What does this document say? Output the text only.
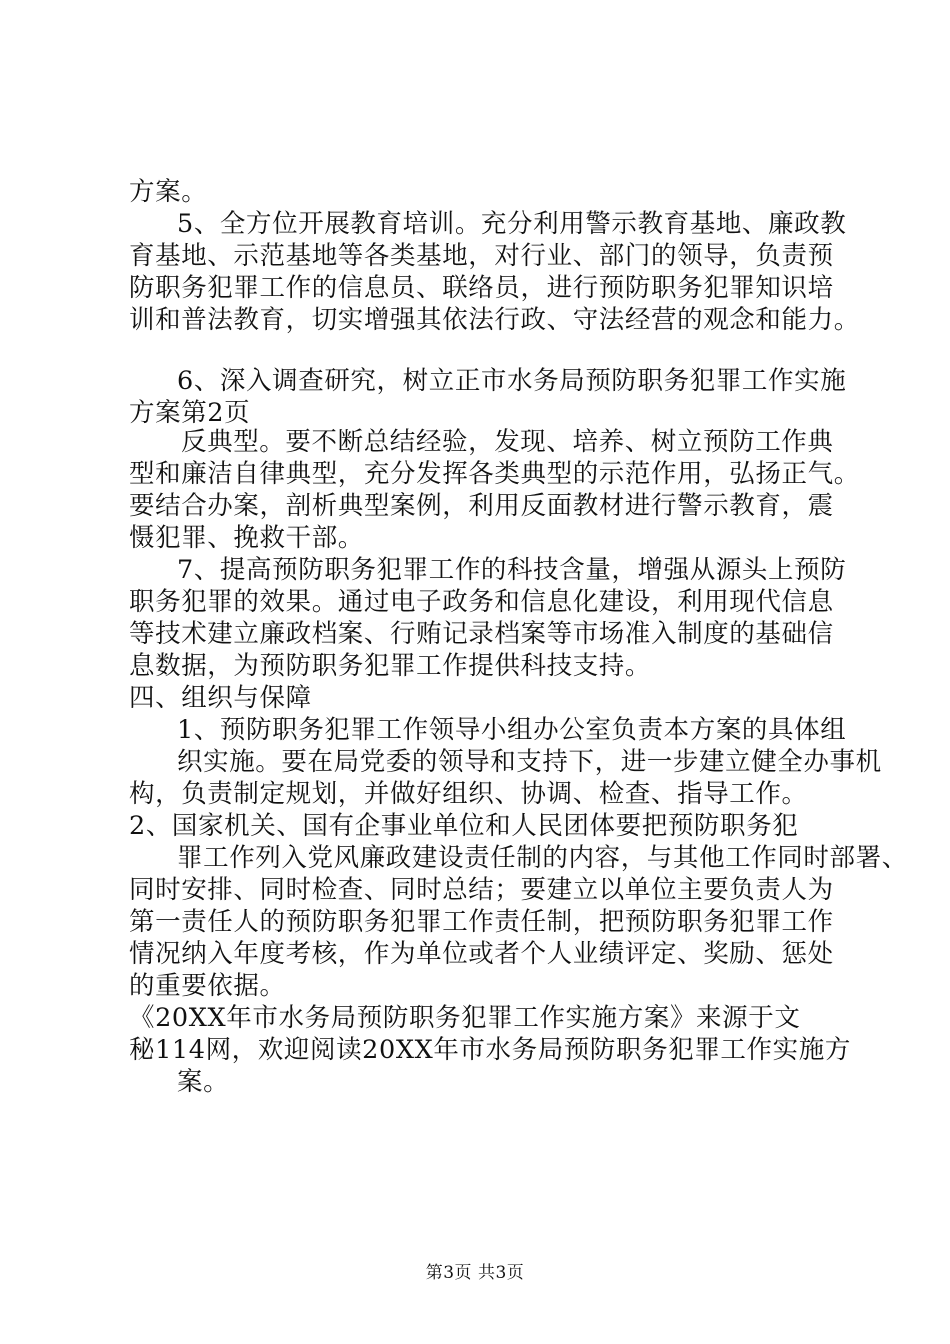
方案。
5、全方位开展教育培训。充分利用警示教育基地、廉政教
育基地、示范基地等各类基地，对行业、部门的领导，负责预
防职务犯罪工作的信息员、联络员，进行预防职务犯罪知识培
训和普法教育，切实增强其依法行政、守法经营的观念和能力。
6、深入调查研究，树立正市水务局预防职务犯罪工作实施
方案第2页
反典型。要不断总结经验，发现、培养、树立预防工作典
型和廉洁自律典型，充分发挥各类典型的示范作用，弘扬正气。
要结合办案，剖析典型案例，利用反面教材进行警示教育，震
慑犯罪、挽救干部。
7、提高预防职务犯罪工作的科技含量，增强从源头上预防
职务犯罪的效果。通过电子政务和信息化建设，利用现代信息
等技术建立廉政档案、行贿记录档案等市场准入制度的基础信
息数据，为预防职务犯罪工作提供科技支持。
四、组织与保障
1、预防职务犯罪工作领导小组办公室负责本方案的具体组
织实施。要在局党委的领导和支持下，进一步建立健全办事机
构，负责制定规划，并做好组织、协调、检查、指导工作。
2、国家机关、国有企事业单位和人民团体要把预防职务犯
罪工作列入党风廉政建设责任制的内容，与其他工作同时部署、
同时安排、同时检查、同时总结；要建立以单位主要负责人为
第一责任人的预防职务犯罪工作责任制，把预防职务犯罪工作
情况纳入年度考核，作为单位或者个人业绩评定、奖励、惩处
的重要依据。
《20XX年市水务局预防职务犯罪工作实施方案》来源于文
秘114网，欢迎阅读20XX年市水务局预防职务犯罪工作实施方
案。
第3页 共3页
